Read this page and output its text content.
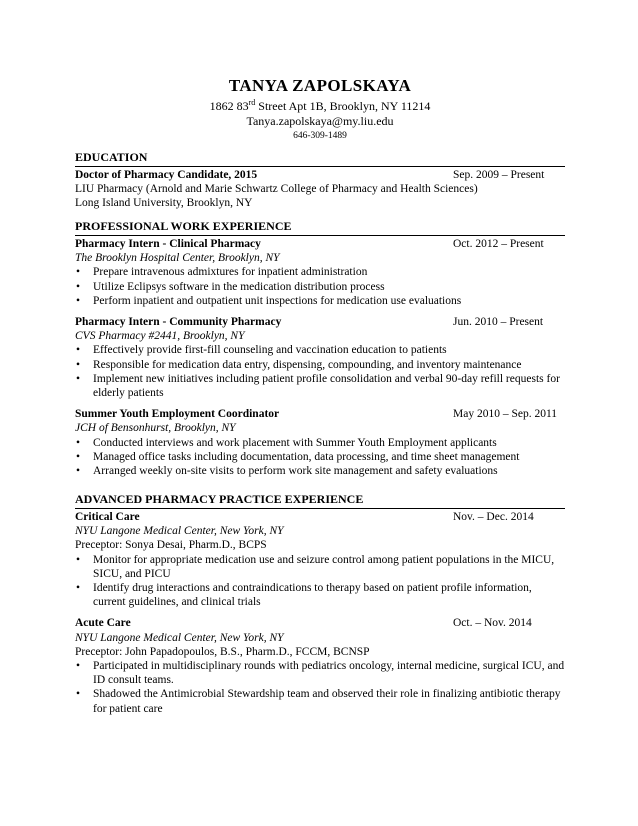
TANYA ZAPOLSKAYA
1862 83rd Street Apt 1B, Brooklyn, NY 11214
Tanya.zapolskaya@my.liu.edu
646-309-1489
EDUCATION
Doctor of Pharmacy Candidate, 2015	Sep. 2009 – Present
LIU Pharmacy (Arnold and Marie Schwartz College of Pharmacy and Health Sciences)
Long Island University, Brooklyn, NY
PROFESSIONAL WORK EXPERIENCE
Pharmacy Intern - Clinical Pharmacy	Oct. 2012 – Present
The Brooklyn Hospital Center, Brooklyn, NY
• Prepare intravenous admixtures for inpatient administration
• Utilize Eclipsys software in the medication distribution process
• Perform inpatient and outpatient unit inspections for medication use evaluations
Pharmacy Intern - Community Pharmacy	Jun. 2010 – Present
CVS Pharmacy #2441, Brooklyn, NY
• Effectively provide first-fill counseling and vaccination education to patients
• Responsible for medication data entry, dispensing, compounding, and inventory maintenance
• Implement new initiatives including patient profile consolidation and verbal 90-day refill requests for elderly patients
Summer Youth Employment Coordinator	May 2010 – Sep. 2011
JCH of Bensonhurst, Brooklyn, NY
• Conducted interviews and work placement with Summer Youth Employment applicants
• Managed office tasks including documentation, data processing, and time sheet management
• Arranged weekly on-site visits to perform work site management and safety evaluations
ADVANCED PHARMACY PRACTICE EXPERIENCE
Critical Care	Nov. – Dec. 2014
NYU Langone Medical Center, New York, NY
Preceptor: Sonya Desai, Pharm.D., BCPS
• Monitor for appropriate medication use and seizure control among patient populations in the MICU, SICU, and PICU
• Identify drug interactions and contraindications to therapy based on patient profile information, current guidelines, and clinical trials
Acute Care	Oct. – Nov. 2014
NYU Langone Medical Center, New York, NY
Preceptor: John Papadopoulos, B.S., Pharm.D., FCCM, BCNSP
• Participated in multidisciplinary rounds with pediatrics oncology, internal medicine, surgical ICU, and ID consult teams.
• Shadowed the Antimicrobial Stewardship team and observed their role in finalizing antibiotic therapy for patient care
